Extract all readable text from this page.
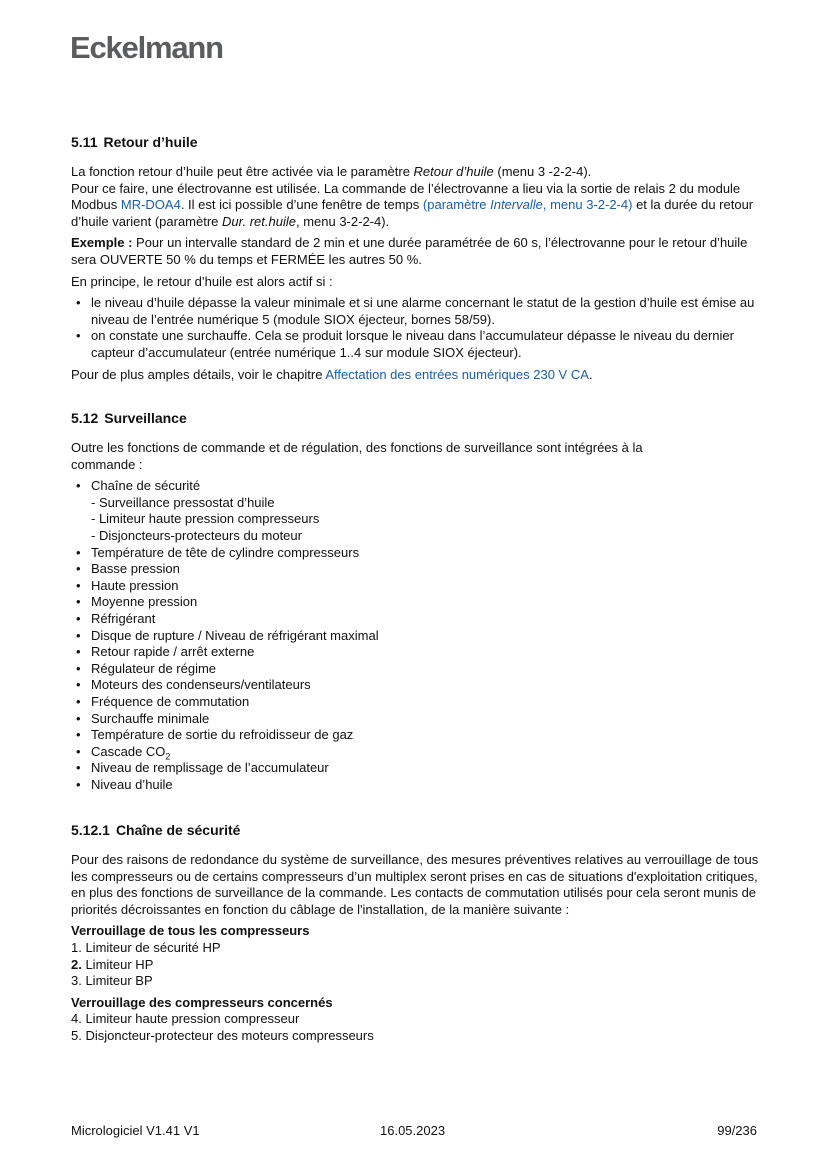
Eckelmann
5.11 Retour d’huile

La fonction retour d’huile peut être activée via le paramètre Retour d’huile (menu 3 -2-2-4).
Pour ce faire, une électrovanne est utilisée. La commande de l’électrovanne a lieu via la sortie de relais 2 du module Modbus MR-DOA4. Il est ici possible d’une fenêtre de temps (paramètre Intervalle, menu 3-2-2-4) et la durée du retour d’huile varient (paramètre Dur. ret.huile, menu 3-2-2-4).

Exemple : Pour un intervalle standard de 2 min et une durée paramétrée de 60 s, l’électrovanne pour le retour d’huile sera OUVERTE 50 % du temps et FERMÉE les autres 50 %.

En principe, le retour d’huile est alors actif si :

• le niveau d’huile dépasse la valeur minimale et si une alarme concernant le statut de la gestion d’huile est émise au niveau de l’entrée numérique 5 (module SIOX éjecteur, bornes 58/59).
• on constate une surchauffe. Cela se produit lorsque le niveau dans l’accumulateur dépasse le niveau du dernier capteur d’accumulateur (entrée numérique 1..4 sur module SIOX éjecteur).

Pour de plus amples détails, voir le chapitre Affectation des entrées numériques 230 V CA.

5.12 Surveillance

Outre les fonctions de commande et de régulation, des fonctions de surveillance sont intégrées à la commande :

• Chaîne de sécurité
- Surveillance pressostat d’huile
- Limiteur haute pression compresseurs
- Disjoncteurs-protecteurs du moteur
• Température de tête de cylindre compresseurs
• Basse pression
• Haute pression
• Moyenne pression
• Réfrigérant
• Disque de rupture / Niveau de réfrigérant maximal
• Retour rapide / arrêt externe
• Régulateur de régime
• Moteurs des condenseurs/ventilateurs
• Fréquence de commutation
• Surchauffe minimale
• Température de sortie du refroidisseur de gaz
• Cascade $CO_2$
• Niveau de remplissage de l’accumulateur
• Niveau d’huile
5.12.1 Chaîne de sécurité

Pour des raisons de redondance du système de surveillance, des mesures préventives relatives au verrouillage de tous les compresseurs ou de certains compresseurs d’un multiplex seront prises en cas de situations d'exploitation critiques, en plus des fonctions de surveillance de la commande. Les contacts de commutation utilisés pour cela seront munis de priorités décroissantes en fonction du câblage de l'installation, de la manière suivante :

Verrouillage de tous les compresseurs
1. Limiteur de sécurité HP
2. Limiteur HP
3. Limiteur BP

Verrouillage des compresseurs concernés
4. Limiteur haute pression compresseur
5. Disjoncteur-protecteur des moteurs compresseurs

Micrologiciel V1.41 V1	16.05.2023	99/236
